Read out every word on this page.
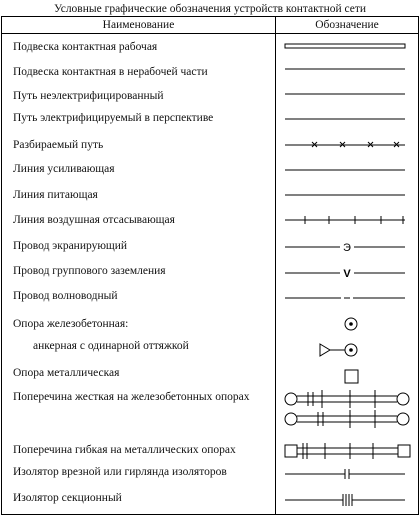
Условные графические обозначения устройств контактной сети
Наименование	Обозначение
Подвеска контактная рабочая
Подвеска контактная в нерабочей части
Путь неэлектрифицированный
Путь электрифицируемый в перспективе
Разбираемый путь
Линия усиливающая
Линия питающая
Линия воздушная отсасывающая
Провод экранирующий
Провод группового заземления
Провод волноводный
Опора железобетонная:
анкерная с одинарной оттяжкой
Опора металлическая
Поперечина жесткая на железобетонных опорах
Поперечина гибкая на металлических опорах
Изолятор врезной или гирлянда изоляторов
Изолятор секционный
Э
V
